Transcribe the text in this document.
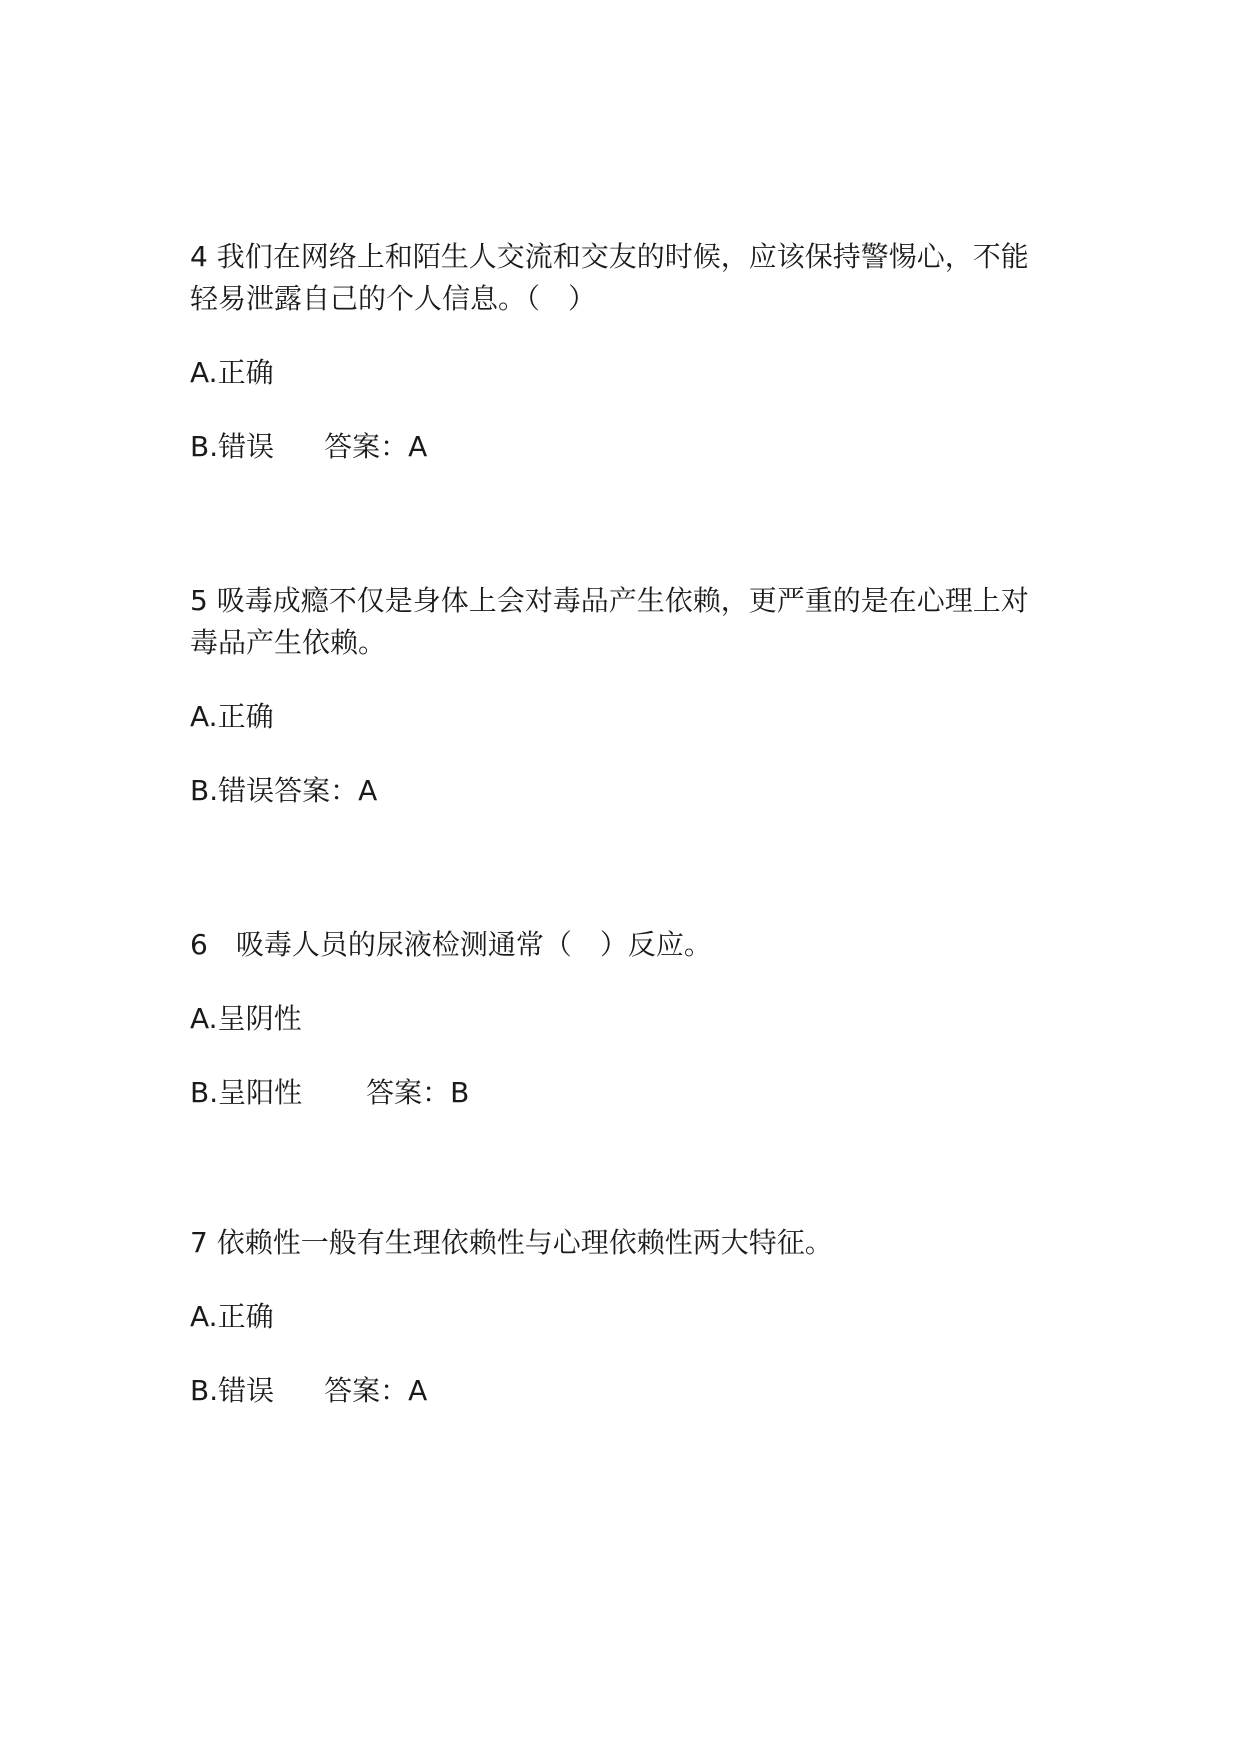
4 我们在网络上和陌生人交流和交友的时候，应该保持警惕心，不能轻易泄露自己的个人信息。（　）

A.正确

B.错误 答案：A

5 吸毒成瘾不仅是身体上会对毒品产生依赖，更严重的是在心理上对毒品产生依赖。

A.正确

B.错误答案：A

6　吸毒人员的尿液检测通常（　）反应。

A.呈阴性

B.呈阳性 答案：B

7 依赖性一般有生理依赖性与心理依赖性两大特征。

A.正确

B.错误 答案：A
